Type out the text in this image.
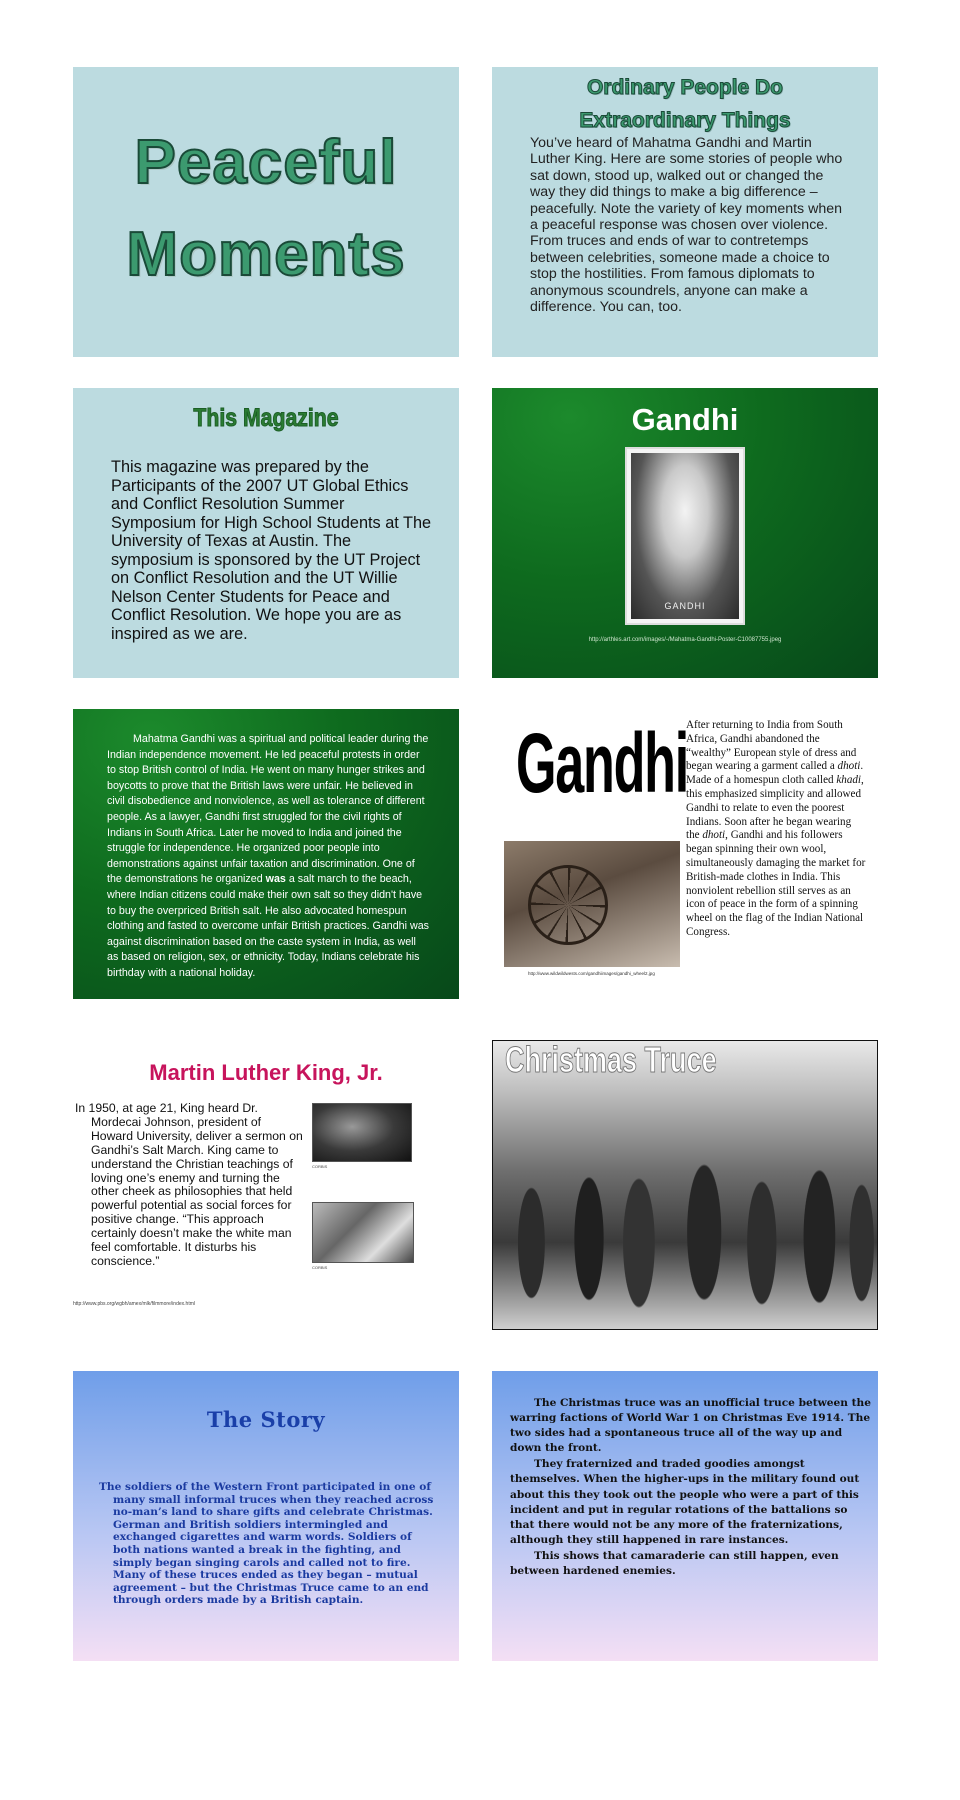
Peaceful
Moments
Ordinary People Do
Extraordinary Things
You’ve heard of Mahatma Gandhi and Martin Luther King. Here are some stories of people who sat down, stood up, walked out or changed the way they did things to make a big difference – peacefully. Note the variety of key moments when a peaceful response was chosen over violence. From truces and ends of war to contretemps between celebrities, someone made a choice to stop the hostilities. From famous diplomats to anonymous scoundrels, anyone can make a difference. You can, too.
This Magazine
This magazine was prepared by the Participants of the 2007 UT Global Ethics and Conflict Resolution Summer Symposium for High School Students at The University of Texas at Austin. The symposium is sponsored by the UT Project on Conflict Resolution and the UT Willie Nelson Center Students for Peace and Conflict Resolution. We hope you are as inspired as we are.
Gandhi
GANDHI
http://arthles.art.com/images/-/Mahatma-Gandhi-Poster-C10087755.jpeg
Mahatma Gandhi was a spiritual and political leader during the Indian independence movement. He led peaceful protests in order to stop British control of India. He went on many hunger strikes and boycotts to prove that the British laws were unfair. He believed in civil disobedience and nonviolence, as well as tolerance of different people. As a lawyer, Gandhi first struggled for the civil rights of Indians in South Africa. Later he moved to India and joined the struggle for independence. He organized poor people into demonstrations against unfair taxation and discrimination. One of the demonstrations he organized was a salt march to the beach, where Indian citizens could make their own salt so they didn't have to buy the overpriced British salt. He also advocated homespun clothing and fasted to overcome unfair British practices. Gandhi was against discrimination based on the caste system in India, as well as based on religion, sex, or ethnicity. Today, Indians celebrate his birthday with a national holiday.
Gandhi
http://www.wildwildwests.com/gandhiimages/gandhi_wheel2.jpg
After returning to India from South Africa, Gandhi abandoned the “wealthy” European style of dress and began wearing a garment called a dhoti. Made of a homespun cloth called khadi, this emphasized simplicity and allowed Gandhi to relate to even the poorest Indians. Soon after he began wearing the dhoti, Gandhi and his followers began spinning their own wool, simultaneously damaging the market for British-made clothes in India. This nonviolent rebellion still serves as an icon of peace in the form of a spinning wheel on the flag of the Indian National Congress.
Martin Luther King, Jr.
In 1950, at age 21, King heard Dr. Mordecai Johnson, president of Howard University, deliver a sermon on Gandhi’s Salt March. King came to understand the Christian teachings of loving one’s enemy and turning the other cheek as philosophies that held powerful potential as social forces for positive change. “This approach certainly doesn’t make the white man feel comfortable. It disturbs his conscience.”
CORBIS
CORBIS
http://www.pbs.org/wgbh/amex/mlk/filmmore/index.html
Christmas Truce
The Story
The soldiers of the Western Front participated in one of many small informal truces when they reached across no-man’s land to share gifts and celebrate Christmas. German and British soldiers intermingled and exchanged cigarettes and warm words. Soldiers of both nations wanted a break in the fighting, and simply began singing carols and called not to fire. Many of these truces ended as they began – mutual agreement – but the Christmas Truce came to an end through orders made by a British captain.

The Christmas truce was an unofficial truce between the warring factions of World War 1 on Christmas Eve 1914. The two sides had a spontaneous truce all of the way up and down the front.

They fraternized and traded goodies amongst themselves. When the higher-ups in the military found out about this they took out the people who were a part of this incident and put in regular rotations of the battalions so that there would not be any more of the fraternizations, although they still happened in rare instances.

This shows that camaraderie can still happen, even between hardened enemies.
